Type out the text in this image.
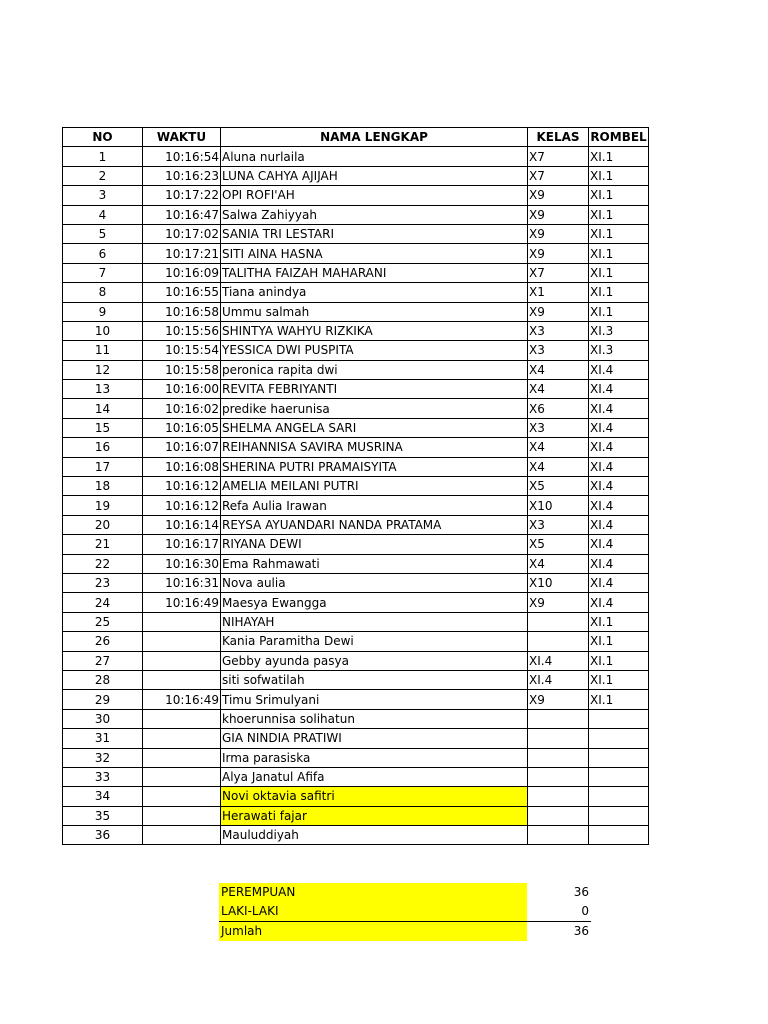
NO	WAKTU	NAMA LENGKAP	KELAS	ROMBEL
1	10:16:54	Aluna nurlaila	X7	XI.1
2	10:16:23	LUNA CAHYA AJIJAH	X7	XI.1
3	10:17:22	OPI ROFI'AH	X9	XI.1
4	10:16:47	Salwa Zahiyyah	X9	XI.1
5	10:17:02	SANIA TRI LESTARI	X9	XI.1
6	10:17:21	SITI AINA HASNA	X9	XI.1
7	10:16:09	TALITHA FAIZAH MAHARANI	X7	XI.1
8	10:16:55	Tiana anindya	X1	XI.1
9	10:16:58	Ummu salmah	X9	XI.1
10	10:15:56	SHINTYA WAHYU RIZKIKA	X3	XI.3
11	10:15:54	YESSICA DWI PUSPITA	X3	XI.3
12	10:15:58	peronica rapita dwi	X4	XI.4
13	10:16:00	REVITA FEBRIYANTI	X4	XI.4
14	10:16:02	predike haerunisa	X6	XI.4
15	10:16:05	SHELMA ANGELA SARI	X3	XI.4
16	10:16:07	REIHANNISA SAVIRA MUSRINA	X4	XI.4
17	10:16:08	SHERINA PUTRI PRAMAISYITA	X4	XI.4
18	10:16:12	AMELIA MEILANI PUTRI	X5	XI.4
19	10:16:12	Refa Aulia Irawan	X10	XI.4
20	10:16:14	REYSA AYUANDARI NANDA PRATAMA	X3	XI.4
21	10:16:17	RIYANA DEWI	X5	XI.4
22	10:16:30	Ema Rahmawati	X4	XI.4
23	10:16:31	Nova aulia	X10	XI.4
24	10:16:49	Maesya Ewangga	X9	XI.4
25		NIHAYAH		XI.1
26		Kania Paramitha Dewi		XI.1
27		Gebby ayunda pasya	XI.4	XI.1
28		siti sofwatilah	XI.4	XI.1
29	10:16:49	Timu Srimulyani	X9	XI.1
30		khoerunnisa solihatun		
31		GIA NINDIA PRATIWI		
32		Irma parasiska		
33		Alya Janatul Afifa		
34		Novi oktavia safitri		
35		Herawati fajar		
36		Mauluddiyah		
PEREMPUAN	36
LAKI-LAKI	0
Jumlah	36
